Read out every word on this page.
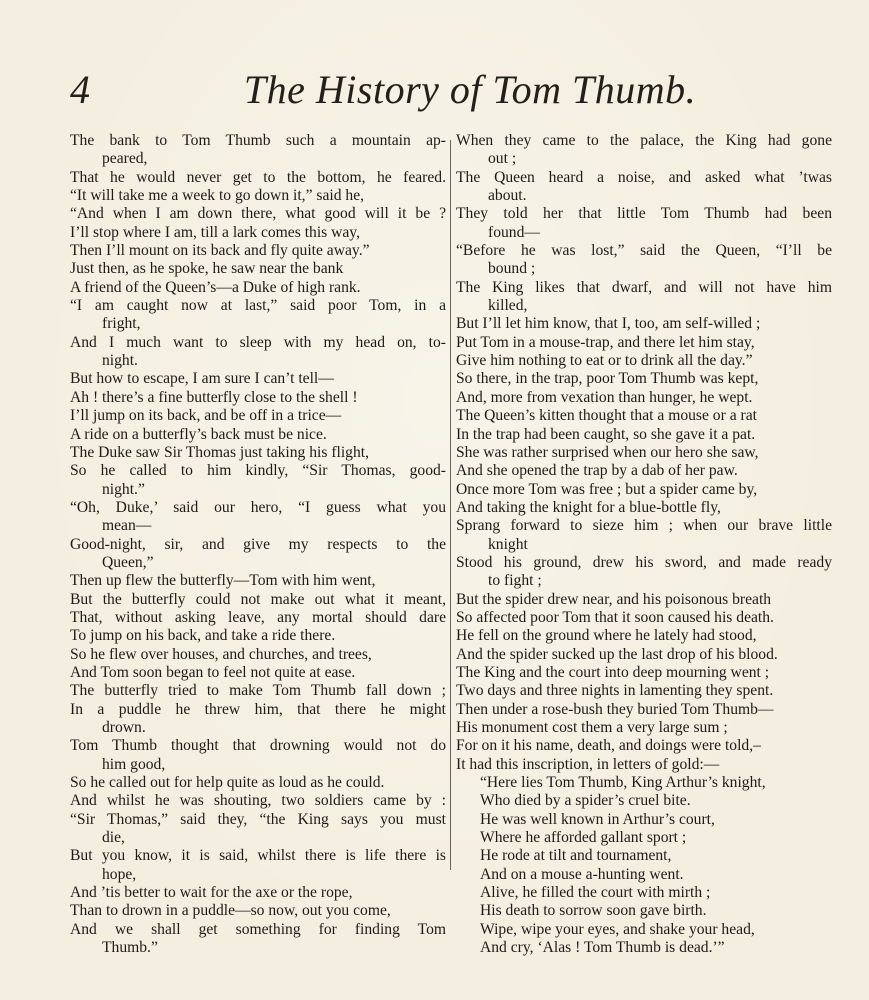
4	The History of Tom Thumb.
The bank to Tom Thumb such a mountain ap-
peared,
That he would never get to the bottom, he feared.
“It will take me a week to go down it,” said he,
“And when I am down there, what good will it be ?
I’ll stop where I am, till a lark comes this way,
Then I’ll mount on its back and fly quite away.”
Just then, as he spoke, he saw near the bank
A friend of the Queen’s—a Duke of high rank.
“I am caught now at last,” said poor Tom, in a
fright,
And I much want to sleep with my head on, to-
night.
But how to escape, I am sure I can’t tell—
Ah ! there’s a fine butterfly close to the shell !
I’ll jump on its back, and be off in a trice—
A ride on a butterfly’s back must be nice.
The Duke saw Sir Thomas just taking his flight,
So he called to him kindly, “Sir Thomas, good-
night.”
“Oh, Duke,’ said our hero, “I guess what you
mean—
Good-night, sir, and give my respects to the
Queen,”
Then up flew the butterfly—Tom with him went,
But the butterfly could not make out what it meant,
That, without asking leave, any mortal should dare
To jump on his back, and take a ride there.
So he flew over houses, and churches, and trees,
And Tom soon began to feel not quite at ease.
The butterfly tried to make Tom Thumb fall down ;
In a puddle he threw him, that there he might
drown.
Tom Thumb thought that drowning would not do
him good,
So he called out for help quite as loud as he could.
And whilst he was shouting, two soldiers came by :
“Sir Thomas,” said they, “the King says you must
die,
But you know, it is said, whilst there is life there is
hope,
And ’tis better to wait for the axe or the rope,
Than to drown in a puddle—so now, out you come,
And we shall get something for finding Tom
Thumb.”
When they came to the palace, the King had gone
out ;
The Queen heard a noise, and asked what ’twas
about.
They told her that little Tom Thumb had been
found—
“Before he was lost,” said the Queen, “I’ll be
bound ;
The King likes that dwarf, and will not have him
killed,
But I’ll let him know, that I, too, am self-willed ;
Put Tom in a mouse-trap, and there let him stay,
Give him nothing to eat or to drink all the day.”
So there, in the trap, poor Tom Thumb was kept,
And, more from vexation than hunger, he wept.
The Queen’s kitten thought that a mouse or a rat
In the trap had been caught, so she gave it a pat.
She was rather surprised when our hero she saw,
And she opened the trap by a dab of her paw.
Once more Tom was free ; but a spider came by,
And taking the knight for a blue-bottle fly,
Sprang forward to sieze him ; when our brave little
knight
Stood his ground, drew his sword, and made ready
to fight ;
But the spider drew near, and his poisonous breath
So affected poor Tom that it soon caused his death.
He fell on the ground where he lately had stood,
And the spider sucked up the last drop of his blood.
The King and the court into deep mourning went ;
Two days and three nights in lamenting they spent.
Then under a rose-bush they buried Tom Thumb—
His monument cost them a very large sum ;
For on it his name, death, and doings were told,–
It had this inscription, in letters of gold:—
“Here lies Tom Thumb, King Arthur’s knight,
Who died by a spider’s cruel bite.
He was well known in Arthur’s court,
Where he afforded gallant sport ;
He rode at tilt and tournament,
And on a mouse a-hunting went.
Alive, he filled the court with mirth ;
His death to sorrow soon gave birth.
Wipe, wipe your eyes, and shake your head,
And cry, ‘Alas ! Tom Thumb is dead.’”
